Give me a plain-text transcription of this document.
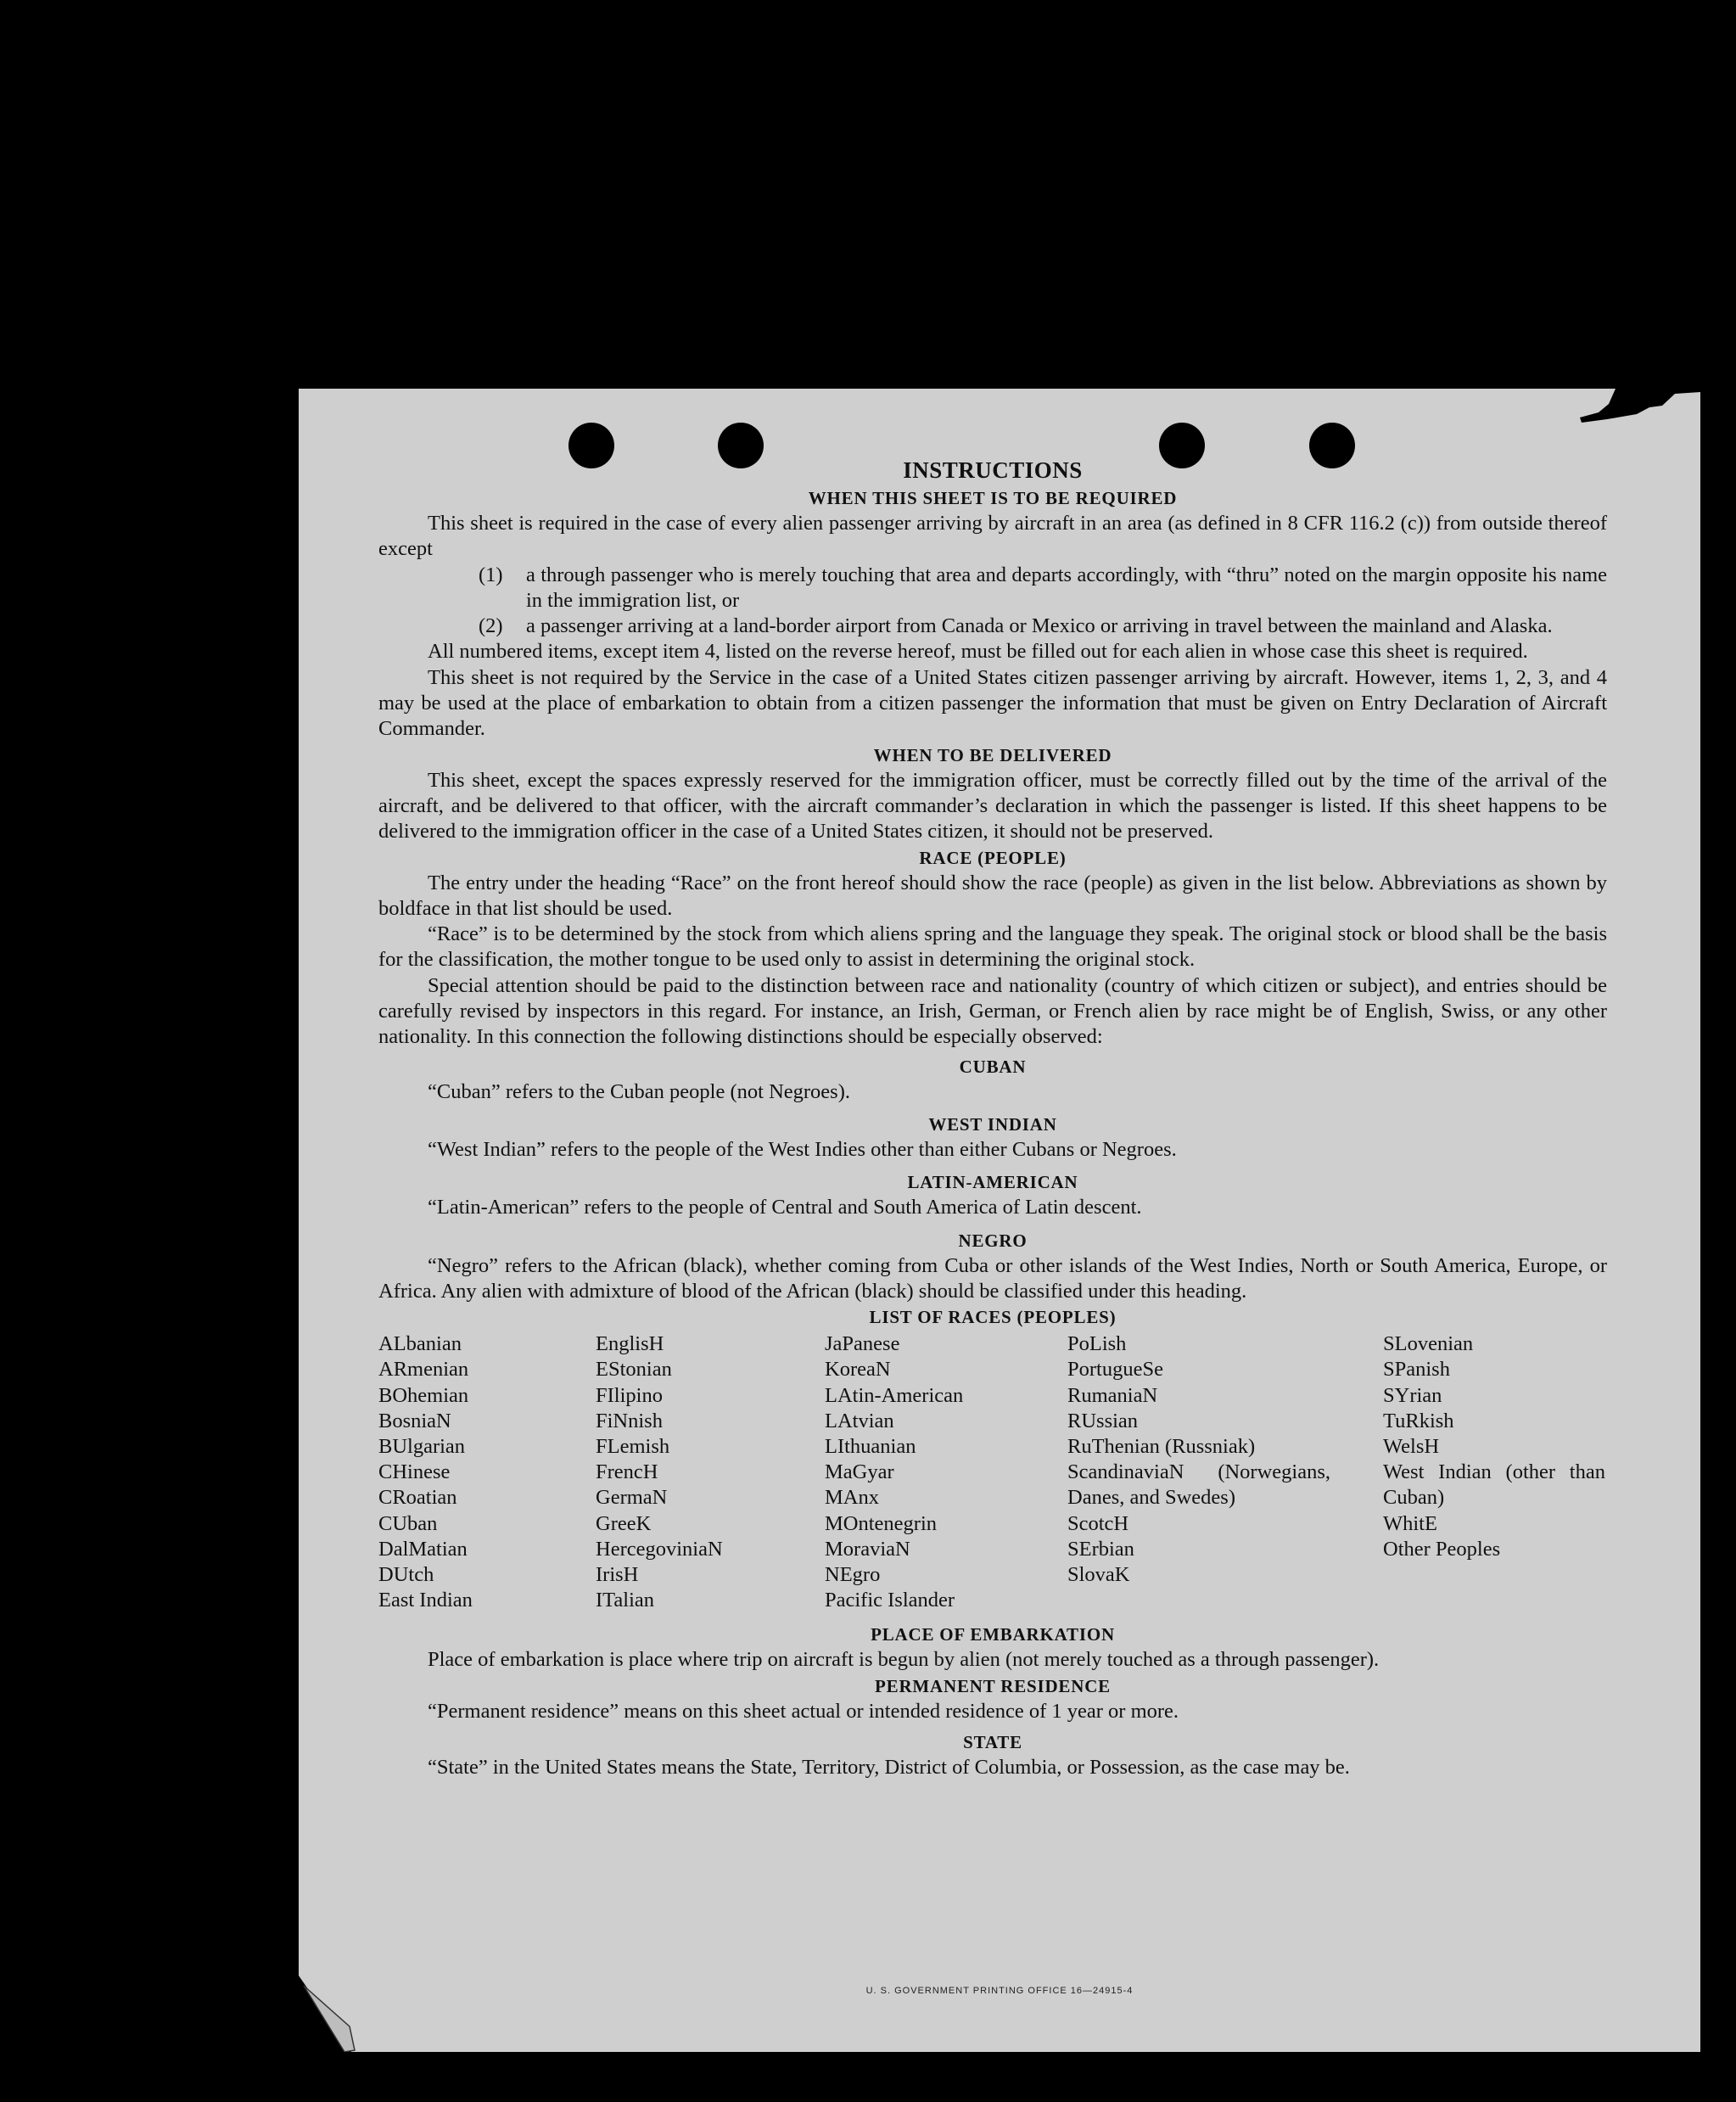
INSTRUCTIONS
WHEN THIS SHEET IS TO BE REQUIRED

This sheet is required in the case of every alien passenger arriving by aircraft in an area (as defined in 8 CFR 116.2 (c)) from outside thereof except

(1)	a through passenger who is merely touching that area and departs accordingly, with “thru” noted on the margin opposite his name in the immigration list, or
(2)	a passenger arriving at a land-border airport from Canada or Mexico or arriving in travel between the mainland and Alaska.

All numbered items, except item 4, listed on the reverse hereof, must be filled out for each alien in whose case this sheet is required.

This sheet is not required by the Service in the case of a United States citizen passenger arriving by aircraft. However, items 1, 2, 3, and 4 may be used at the place of embarkation to obtain from a citizen passenger the information that must be given on Entry Declaration of Aircraft Commander.

WHEN TO BE DELIVERED

This sheet, except the spaces expressly reserved for the immigration officer, must be correctly filled out by the time of the arrival of the aircraft, and be delivered to that officer, with the aircraft commander’s declaration in which the passenger is listed. If this sheet happens to be delivered to the immigration officer in the case of a United States citizen, it should not be preserved.

RACE (PEOPLE)

The entry under the heading “Race” on the front hereof should show the race (people) as given in the list below. Abbreviations as shown by boldface in that list should be used.

“Race” is to be determined by the stock from which aliens spring and the language they speak. The original stock or blood shall be the basis for the classification, the mother tongue to be used only to assist in determining the original stock.

Special attention should be paid to the distinction between race and nationality (country of which citizen or subject), and entries should be carefully revised by inspectors in this regard. For instance, an Irish, German, or French alien by race might be of English, Swiss, or any other nationality. In this connection the following distinctions should be especially observed:

CUBAN

“Cuban” refers to the Cuban people (not Negroes).

WEST INDIAN

“West Indian” refers to the people of the West Indies other than either Cubans or Negroes.

LATIN-AMERICAN

“Latin-American” refers to the people of Central and South America of Latin descent.

NEGRO

“Negro” refers to the African (black), whether coming from Cuba or other islands of the West Indies, North or South America, Europe, or Africa. Any alien with admixture of blood of the African (black) should be classified under this heading.

LIST OF RACES (PEOPLES)
ALbanian
ARmenian
BOhemian
BosniaN
BUlgarian
CHinese
CRoatian
CUban
DalMatian
DUtch
East Indian
EnglisH
EStonian
FIlipino
FiNnish
FLemish
FrencH
GermaN
GreeK
HercegoviniaN
IrisH
ITalian
JaPanese
KoreaN
LAtin-American
LAtvian
LIthuanian
MaGyar
MAnx
MOntenegrin
MoraviaN
NEgro
Pacific Islander
PoLish
PortugueSe
RumaniaN
RUssian
RuThenian (Russniak)
ScandinaviaN (Norwegians, Danes, and Swedes)
ScotcH
SErbian
SlovaK
SLovenian
SPanish
SYrian
TuRkish
WelsH
West Indian (other than Cuban)
WhitE
Other Peoples
PLACE OF EMBARKATION

Place of embarkation is place where trip on aircraft is begun by alien (not merely touched as a through passenger).

PERMANENT RESIDENCE

“Permanent residence” means on this sheet actual or intended residence of 1 year or more.

STATE

“State” in the United States means the State, Territory, District of Columbia, or Possession, as the case may be.

U. S. GOVERNMENT PRINTING OFFICE 16—24915-4
